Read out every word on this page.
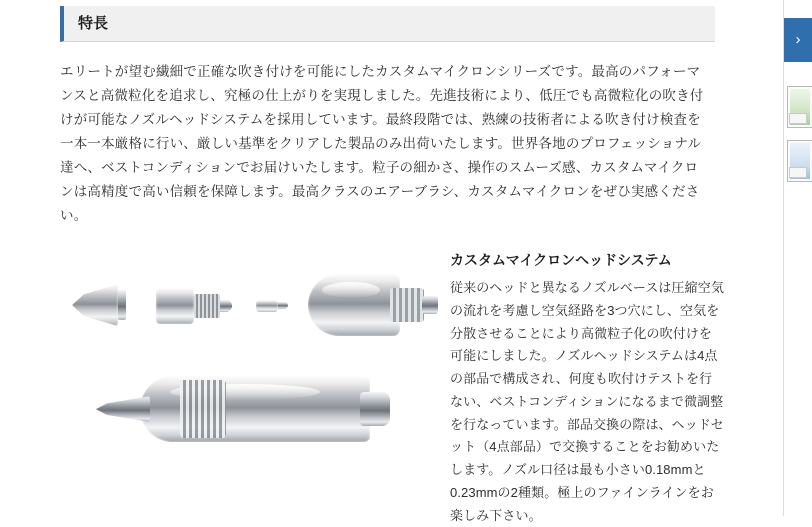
特長

エリートが望む繊細で正確な吹き付けを可能にしたカスタムマイクロンシリーズです。最高のパフォーマンスと高微粒化を追求し、究極の仕上がりを実現しました。先進技術により、低圧でも高微粒化の吹き付けが可能なノズルヘッドシステムを採用しています。最終段階では、熟練の技術者による吹き付け検査を一本一本厳格に行い、厳しい基準をクリアした製品のみ出荷いたします。世界各地のプロフェッショナル達へ、ベストコンディションでお届けいたします。粒子の細かさ、操作のスムーズ感、カスタムマイクロンは高精度で高い信頼を保障します。最高クラスのエアーブラシ、カスタムマイクロンをぜひ実感ください。

カスタムマイクロンヘッドシステム
従来のヘッドと異なるノズルベースは圧縮空気の流れを考慮し空気経路を3つ穴にし、空気を分散させることにより高微粒子化の吹付けを可能にしました。ノズルヘッドシステムは4点の部品で構成され、何度も吹付けテストを行ない、ベストコンディションになるまで微調整を行なっています。部品交換の際は、ヘッドセット（4点部品）で交換することをお勧めいたします。ノズル口径は最も小さい0.18mmと0.23mmの2種類。極上のファインラインをお楽しみ下さい。
›
